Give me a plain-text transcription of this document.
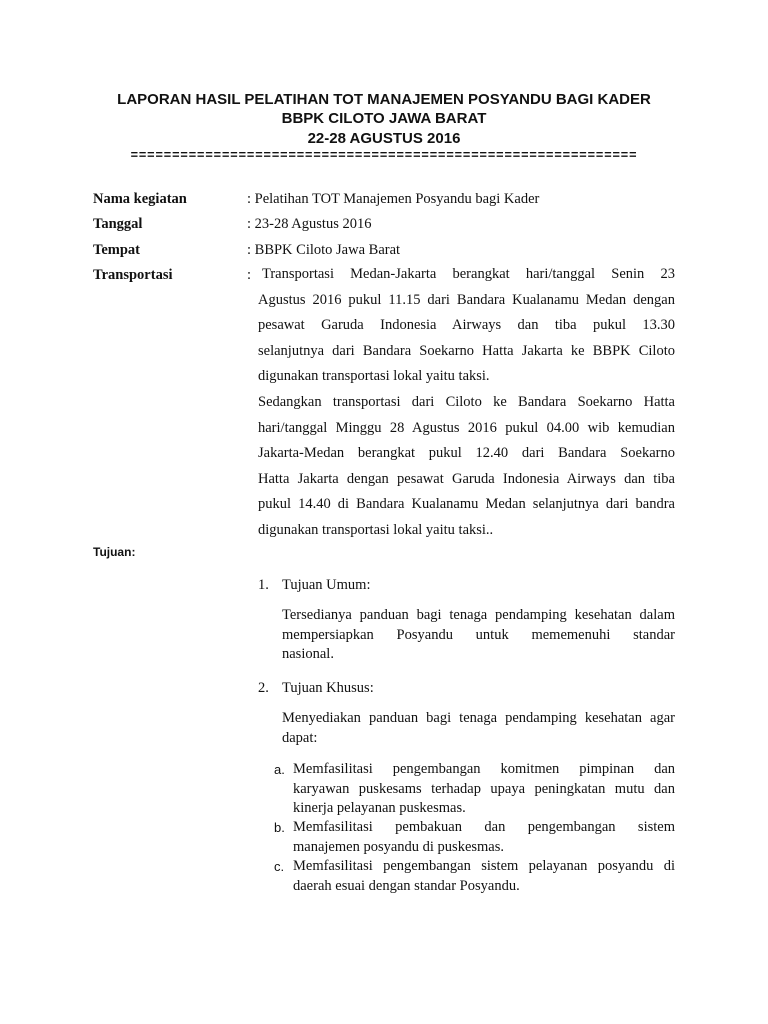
LAPORAN HASIL PELATIHAN TOT MANAJEMEN POSYANDU BAGI KADER
BBPK CILOTO JAWA BARAT
22-28 AGUSTUS 2016
=============================================================
Nama kegiatan	: Pelatihan TOT Manajemen Posyandu bagi Kader
Tanggal	: 23-28 Agustus 2016
Tempat	: BBPK Ciloto Jawa Barat
Transportasi	: Transportasi Medan-Jakarta berangkat hari/tanggal Senin 23
Agustus 2016 pukul 11.15 dari Bandara Kualanamu Medan dengan
pesawat Garuda Indonesia Airways dan tiba pukul 13.30
selanjutnya dari Bandara Soekarno Hatta Jakarta ke BBPK Ciloto
digunakan transportasi lokal yaitu taksi.
Sedangkan transportasi dari Ciloto ke Bandara Soekarno Hatta
hari/tanggal Minggu 28 Agustus 2016 pukul 04.00 wib kemudian
Jakarta-Medan berangkat pukul 12.40 dari Bandara Soekarno
Hatta Jakarta dengan pesawat Garuda Indonesia Airways dan tiba
pukul 14.40 di Bandara Kualanamu Medan selanjutnya dari bandra
digunakan transportasi lokal yaitu taksi..
Tujuan:
1. Tujuan Umum:
Tersedianya panduan bagi tenaga pendamping kesehatan dalam
mempersiapkan Posyandu untuk mememenuhi standar
nasional.
2. Tujuan Khusus:
Menyediakan panduan bagi tenaga pendamping kesehatan agar
dapat:
a. Memfasilitasi pengembangan komitmen pimpinan dan
karyawan puskesams terhadap upaya peningkatan mutu dan
kinerja pelayanan puskesmas.
b. Memfasilitasi pembakuan dan pengembangan sistem
manajemen posyandu di puskesmas.
c. Memfasilitasi pengembangan sistem pelayanan posyandu di
daerah esuai dengan standar Posyandu.
